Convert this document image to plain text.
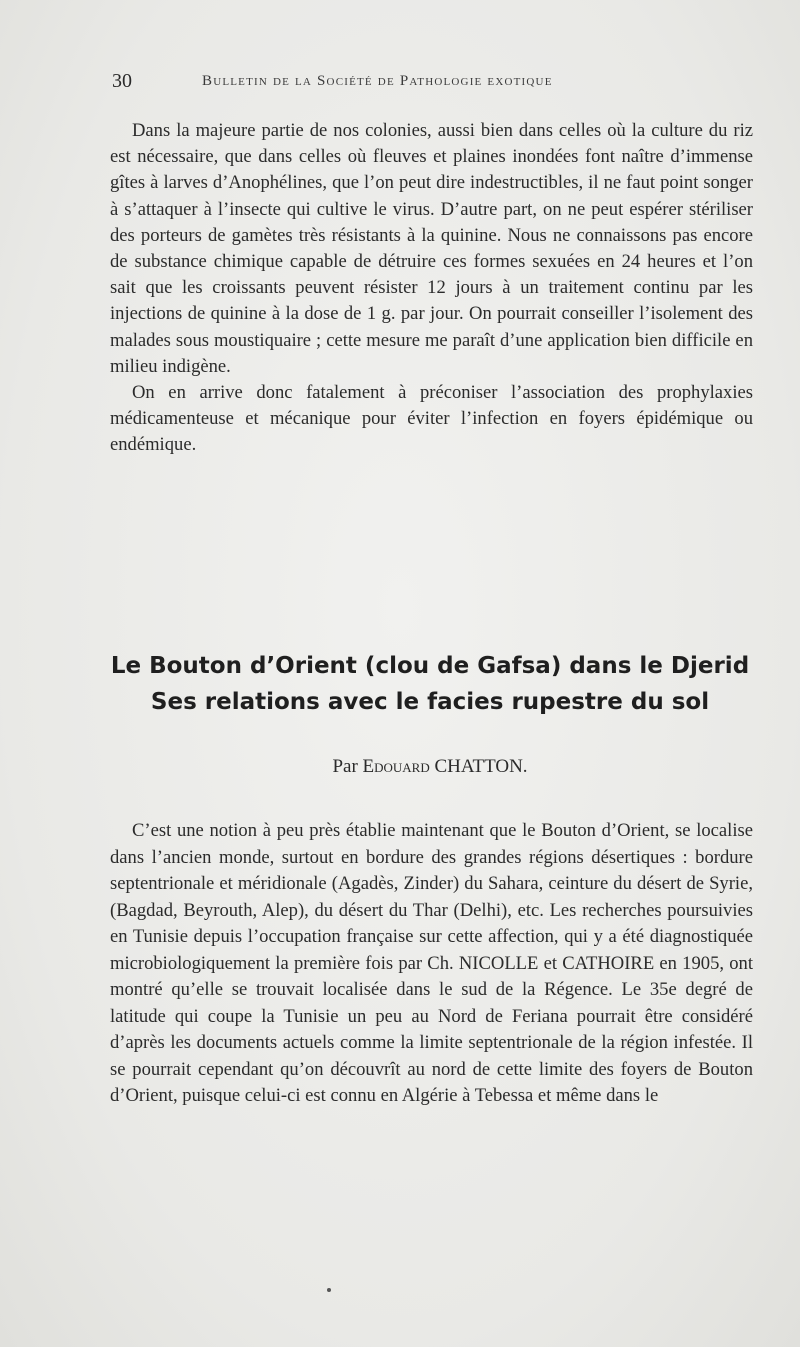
30	Bulletin de la Société de Pathologie exotique

Dans la majeure partie de nos colonies, aussi bien dans celles où la culture du riz est nécessaire, que dans celles où fleuves et plaines inondées font naître d’immense gîtes à larves d’Anophélines, que l’on peut dire indestructibles, il ne faut point songer à s’attaquer à l’insecte qui cultive le virus. D’autre part, on ne peut espérer stériliser des porteurs de gamètes très résistants à la quinine. Nous ne connaissons pas encore de substance chimique capable de détruire ces formes sexuées en 24 heures et l’on sait que les croissants peuvent résister 12 jours à un traitement continu par les injections de quinine à la dose de 1 g. par jour. On pourrait conseiller l’isolement des malades sous moustiquaire ; cette mesure me paraît d’une application bien difficile en milieu indigène.

On en arrive donc fatalement à préconiser l’association des prophylaxies médicamenteuse et mécanique pour éviter l’infection en foyers épidémique ou endémique.

Le Bouton d’Orient (clou de Gafsa) dans le Djerid
Ses relations avec le facies rupestre du sol
Par Edouard CHATTON.

C’est une notion à peu près établie maintenant que le Bouton d’Orient, se localise dans l’ancien monde, surtout en bordure des grandes régions désertiques : bordure septentrionale et méridionale (Agadès, Zinder) du Sahara, ceinture du désert de Syrie, (Bagdad, Beyrouth, Alep), du désert du Thar (Delhi), etc. Les recherches poursuivies en Tunisie depuis l’occupation française sur cette affection, qui y a été diagnostiquée microbiologiquement la première fois par Ch. NICOLLE et CATHOIRE en 1905, ont montré qu’elle se trouvait localisée dans le sud de la Régence. Le 35e degré de latitude qui coupe la Tunisie un peu au Nord de Feriana pourrait être considéré d’après les documents actuels comme la limite septentrionale de la région infestée. Il se pourrait cependant qu’on découvrît au nord de cette limite des foyers de Bouton d’Orient, puisque celui-ci est connu en Algérie à Tebessa et même dans le
